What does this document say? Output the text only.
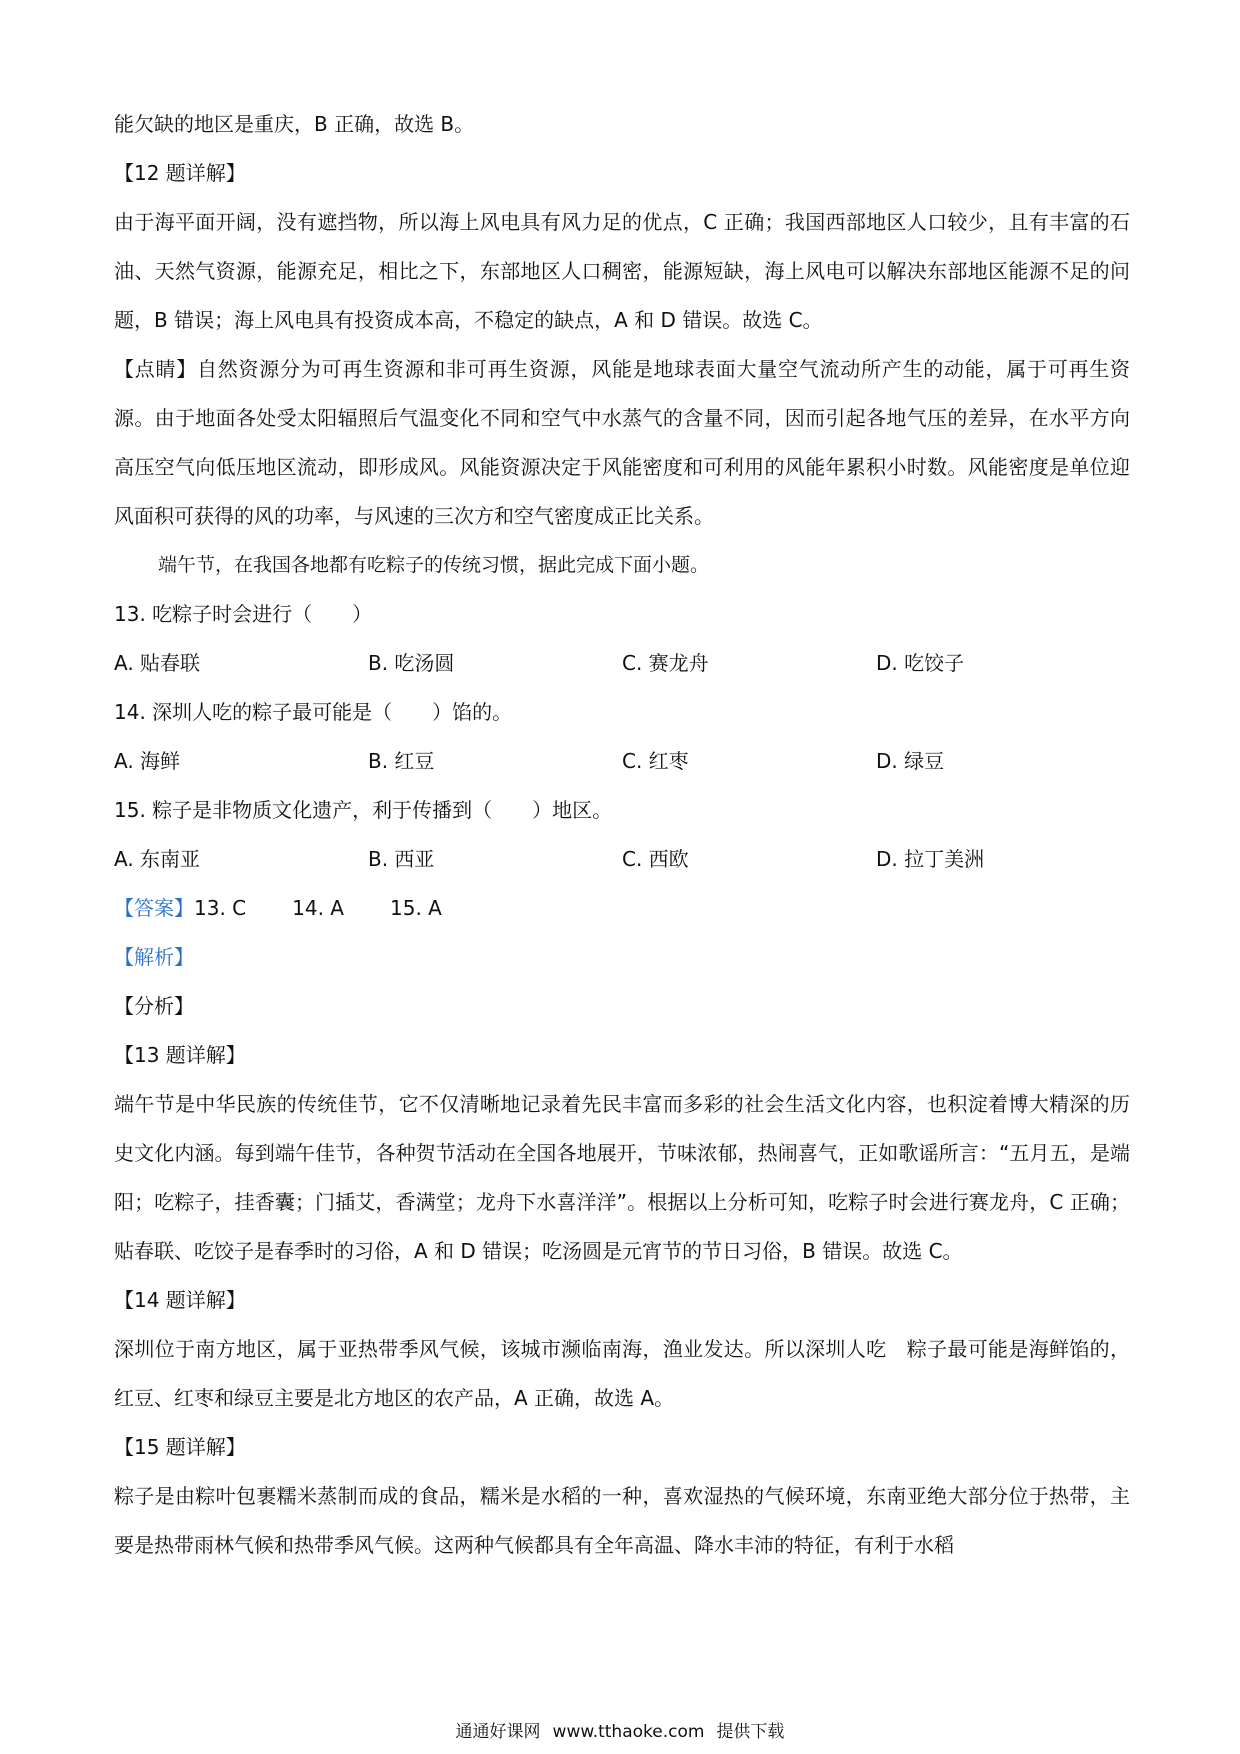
能欠缺的地区是重庆，B 正确，故选 B。
【12 题详解】
由于海平面开阔，没有遮挡物，所以海上风电具有风力足的优点，C 正确；我国西部地区人口较少，且有丰富的石油、天然气资源，能源充足，相比之下，东部地区人口稠密，能源短缺，海上风电可以解决东部地区能源不足的问题，B 错误；海上风电具有投资成本高，不稳定的缺点，A 和 D 错误。故选 C。
【点睛】自然资源分为可再生资源和非可再生资源，风能是地球表面大量空气流动所产生的动能，属于可再生资源。由于地面各处受太阳辐照后气温变化不同和空气中水蒸气的含量不同，因而引起各地气压的差异，在水平方向高压空气向低压地区流动，即形成风。风能资源决定于风能密度和可利用的风能年累积小时数。风能密度是单位迎风面积可获得的风的功率，与风速的三次方和空气密度成正比关系。
端午节，在我国各地都有吃粽子的传统习惯，据此完成下面小题。
13. 吃粽子时会进行（　　）
A. 贴春联	B. 吃汤圆	C. 赛龙舟	D. 吃饺子
14. 深圳人吃的粽子最可能是（　　）馅的。
A. 海鲜	B. 红豆	C. 红枣	D. 绿豆
15. 粽子是非物质文化遗产，利于传播到（　　）地区。
A. 东南亚	B. 西亚	C. 西欧	D. 拉丁美洲
【答案】13. C 14. A 15. A
【解析】
【分析】
【13 题详解】
端午节是中华民族的传统佳节，它不仅清晰地记录着先民丰富而多彩的社会生活文化内容，也积淀着博大精深的历史文化内涵。每到端午佳节，各种贺节活动在全国各地展开，节味浓郁，热闹喜气，正如歌谣所言：“五月五，是端阳；吃粽子，挂香囊；门插艾，香满堂；龙舟下水喜洋洋”。根据以上分析可知，吃粽子时会进行赛龙舟，C 正确；贴春联、吃饺子是春季时的习俗，A 和 D 错误；吃汤圆是元宵节的节日习俗，B 错误。故选 C。
【14 题详解】
深圳位于南方地区，属于亚热带季风气候，该城市濒临南海，渔业发达。所以深圳人吃　粽子最可能是海鲜馅的，红豆、红枣和绿豆主要是北方地区的农产品，A 正确，故选 A。
【15 题详解】
粽子是由粽叶包裹糯米蒸制而成的食品，糯米是水稻的一种，喜欢湿热的气候环境，东南亚绝大部分位于热带，主要是热带雨林气候和热带季风气候。这两种气候都具有全年高温、降水丰沛的特征，有利于水稻
通通好课网 www.tthaoke.com 提供下载
